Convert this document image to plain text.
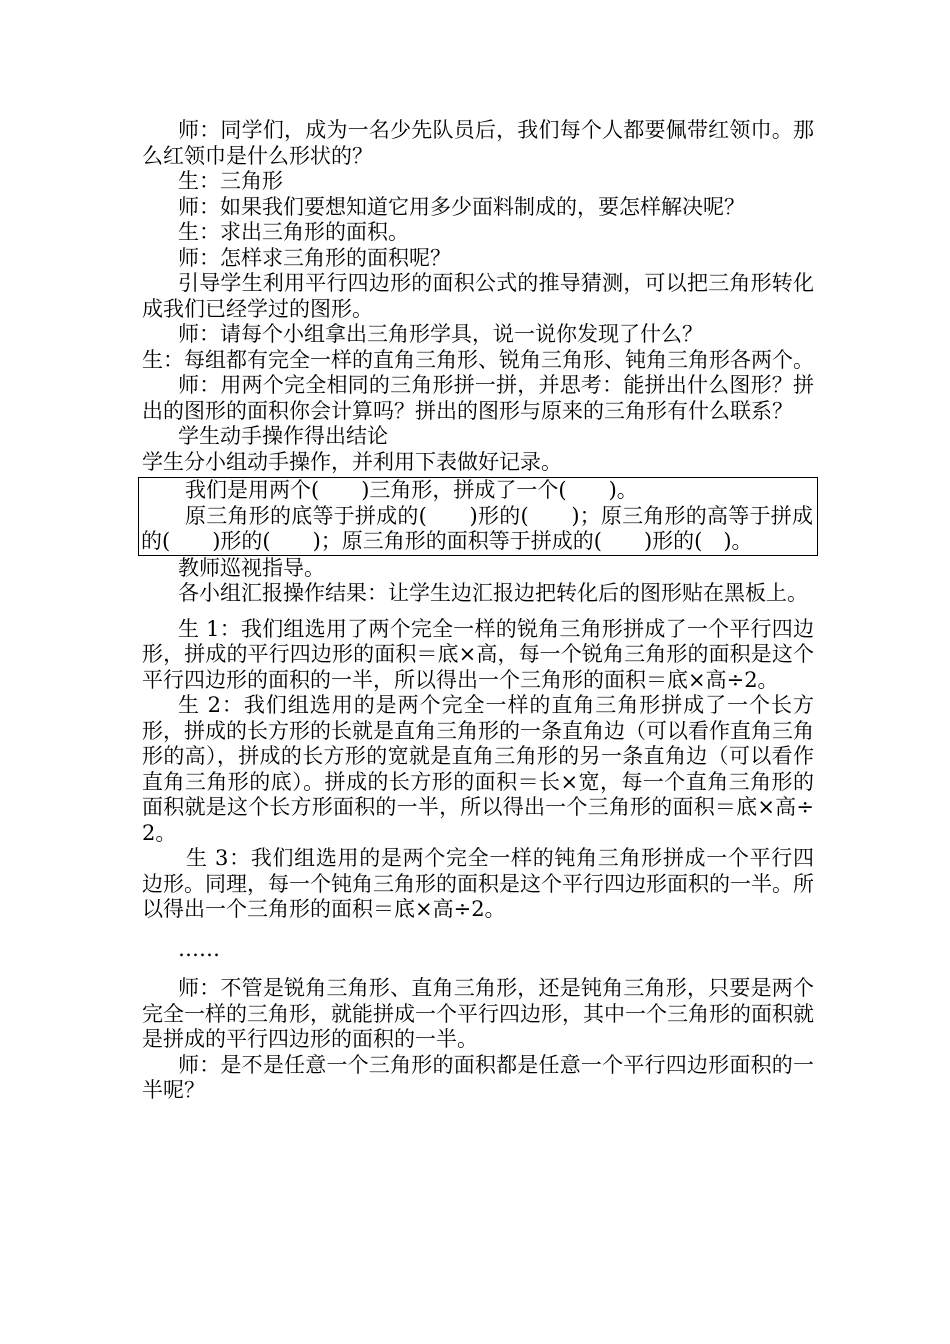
师：同学们，成为一名少先队员后，我们每个人都要佩带红领巾。那么红领巾是什么形状的？

生：三角形

师：如果我们要想知道它用多少面料制成的，要怎样解决呢？

生：求出三角形的面积。

师：怎样求三角形的面积呢？

引导学生利用平行四边形的面积公式的推导猜测，可以把三角形转化成我们已经学过的图形。

师：请每个小组拿出三角形学具，说一说你发现了什么？

生：每组都有完全一样的直角三角形、锐角三角形、钝角三角形各两个。

师：用两个完全相同的三角形拼一拼，并思考：能拼出什么图形？拼出的图形的面积你会计算吗？拼出的图形与原来的三角形有什么联系？

学生动手操作得出结论

学生分小组动手操作，并利用下表做好记录。

我们是用两个(　　)三角形，拼成了一个(　　)。

原三角形的底等于拼成的(　　)形的(　　)；原三角形的高等于拼成的(　　)形的(　　)；原三角形的面积等于拼成的(　　)形的(　)。

教师巡视指导。

各小组汇报操作结果：让学生边汇报边把转化后的图形贴在黑板上。

生 1：我们组选用了两个完全一样的锐角三角形拼成了一个平行四边形，拼成的平行四边形的面积＝底×高，每一个锐角三角形的面积是这个平行四边形的面积的一半，所以得出一个三角形的面积＝底×高÷2。

生 2：我们组选用的是两个完全一样的直角三角形拼成了一个长方形，拼成的长方形的长就是直角三角形的一条直角边（可以看作直角三角形的高），拼成的长方形的宽就是直角三角形的另一条直角边（可以看作直角三角形的底）。拼成的长方形的面积＝长×宽，每一个直角三角形的面积就是这个长方形面积的一半，所以得出一个三角形的面积＝底×高÷2。

生 3：我们组选用的是两个完全一样的钝角三角形拼成一个平行四边形。同理，每一个钝角三角形的面积是这个平行四边形面积的一半。所以得出一个三角形的面积＝底×高÷2。

……

师：不管是锐角三角形、直角三角形，还是钝角三角形，只要是两个完全一样的三角形，就能拼成一个平行四边形，其中一个三角形的面积就是拼成的平行四边形的面积的一半。

师：是不是任意一个三角形的面积都是任意一个平行四边形面积的一半呢？
